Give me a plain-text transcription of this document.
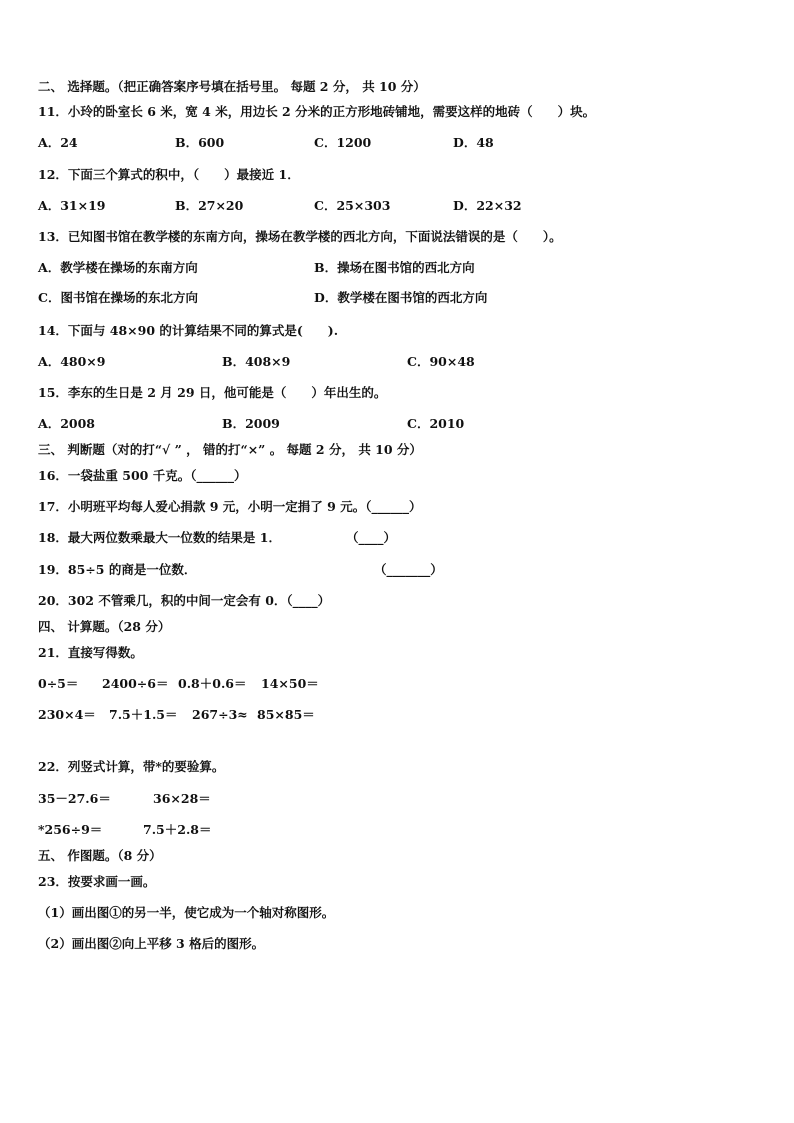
二、 选择题。（把正确答案序号填在括号里。 每题 2 分， 共 10 分）
11．小玲的卧室长 6 米，宽 4 米，用边长 2 分米的正方形地砖铺地，需要这样的地砖（　　）块。
A．24	B．600	C．1200	D．48
12．下面三个算式的积中，（　　）最接近 1．
A．31×19	B．27×20	C．25×303	D．22×32
13．已知图书馆在教学楼的东南方向，操场在教学楼的西北方向，下面说法错误的是（　　）。
A．教学楼在操场的东南方向	B．操场在图书馆的西北方向
C．图书馆在操场的东北方向	D．教学楼在图书馆的西北方向
14．下面与 48×90 的计算结果不同的算式是(　　).
A．480×9	B．408×9	C．90×48
15．李东的生日是 2 月 29 日，他可能是（　　）年出生的。
A．2008	B．2009	C．2010
三、 判断题（对的打“√ ” ， 错的打“×” 。 每题 2 分， 共 10 分）
16．一袋盐重 500 千克。（______）
17．小明班平均每人爱心捐款 9 元，小明一定捐了 9 元。（______）
18．最大两位数乘最大一位数的结果是 1．	（____）
19．85÷5 的商是一位数．	（_______）
20．302 不管乘几，积的中间一定会有 0．（____）
四、 计算题。（28 分）
21．直接写得数。
0÷5＝ 2400÷6＝ 0.8＋0.6＝ 14×50＝
230×4＝ 7.5＋1.5＝ 267÷3≈ 85×85＝
22．列竖式计算，带*的要验算。
35－27.6＝	36×28＝
*256÷9＝	7.5＋2.8＝
五、 作图题。（8 分）
23．按要求画一画。
（1）画出图①的另一半，使它成为一个轴对称图形。
（2）画出图②向上平移 3 格后的图形。
